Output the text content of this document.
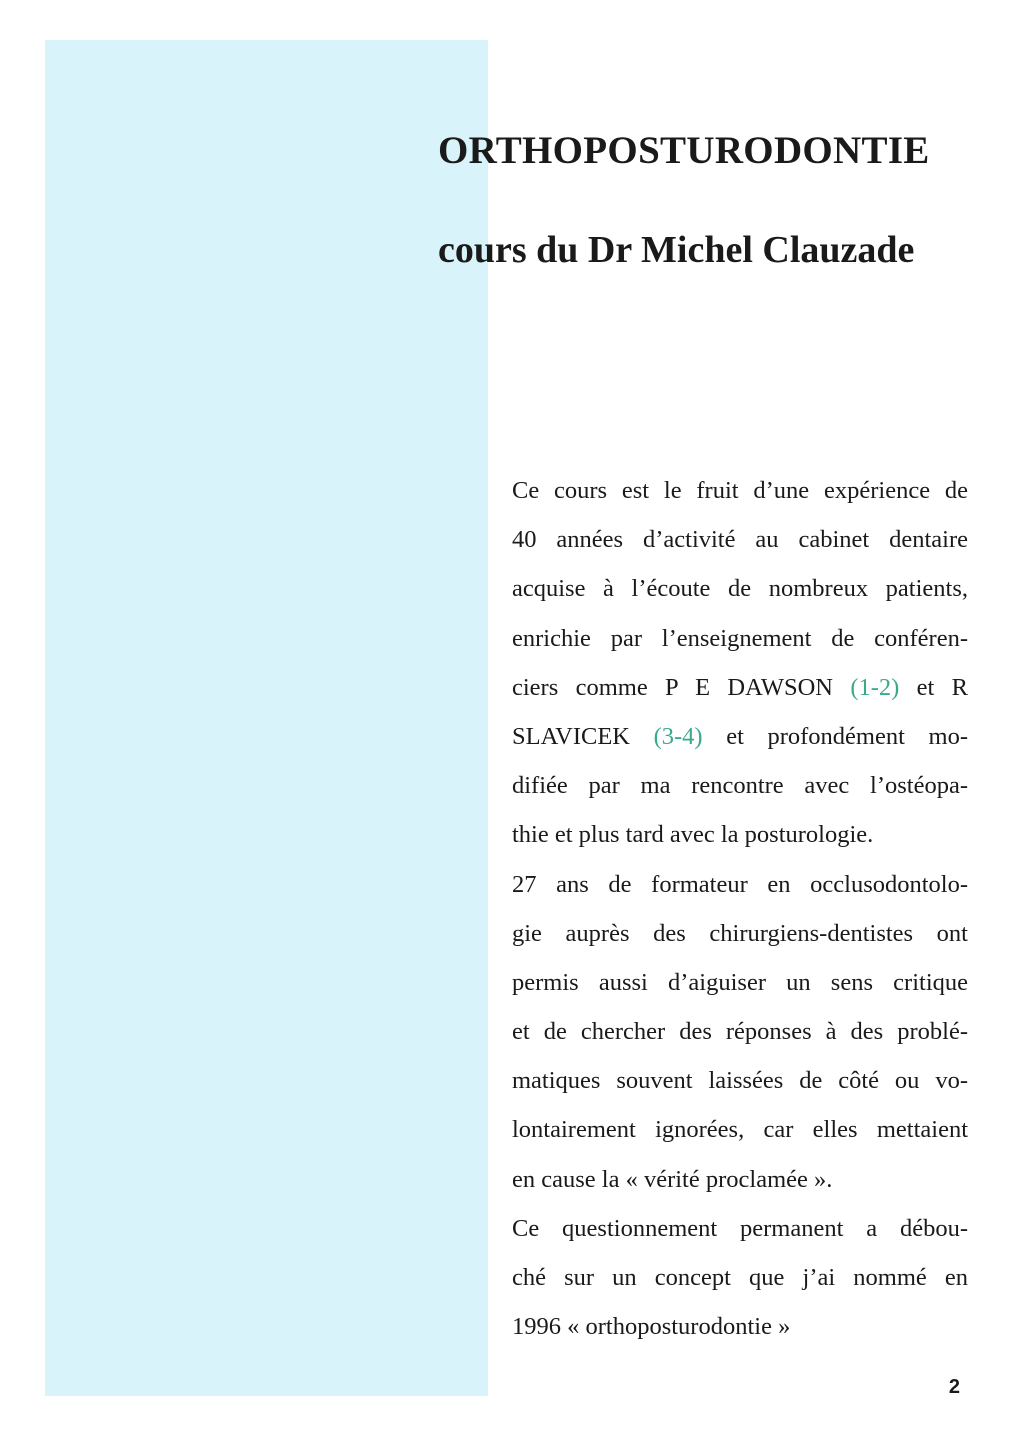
ORTHOPOSTURODONTIE
cours du Dr Michel Clauzade
Ce cours est le fruit d’une expérience de
40 années d’activité au cabinet dentaire
acquise à l’écoute de nombreux patients,
enrichie par l’enseignement de conféren-
ciers comme P E DAWSON (1-2) et R
SLAVICEK (3-4) et profondément mo-
difiée par ma rencontre avec l’ostéopa-
thie et plus tard avec la posturologie.
27 ans de formateur en occlusodontolo-
gie auprès des chirurgiens-dentistes ont
permis aussi d’aiguiser un sens critique
et de chercher des réponses à des problé-
matiques souvent laissées de côté ou vo-
lontairement ignorées, car elles mettaient
en cause la « vérité proclamée ».
Ce questionnement permanent a débou-
ché sur un concept que j’ai nommé en
1996 « orthoposturodontie »
2
